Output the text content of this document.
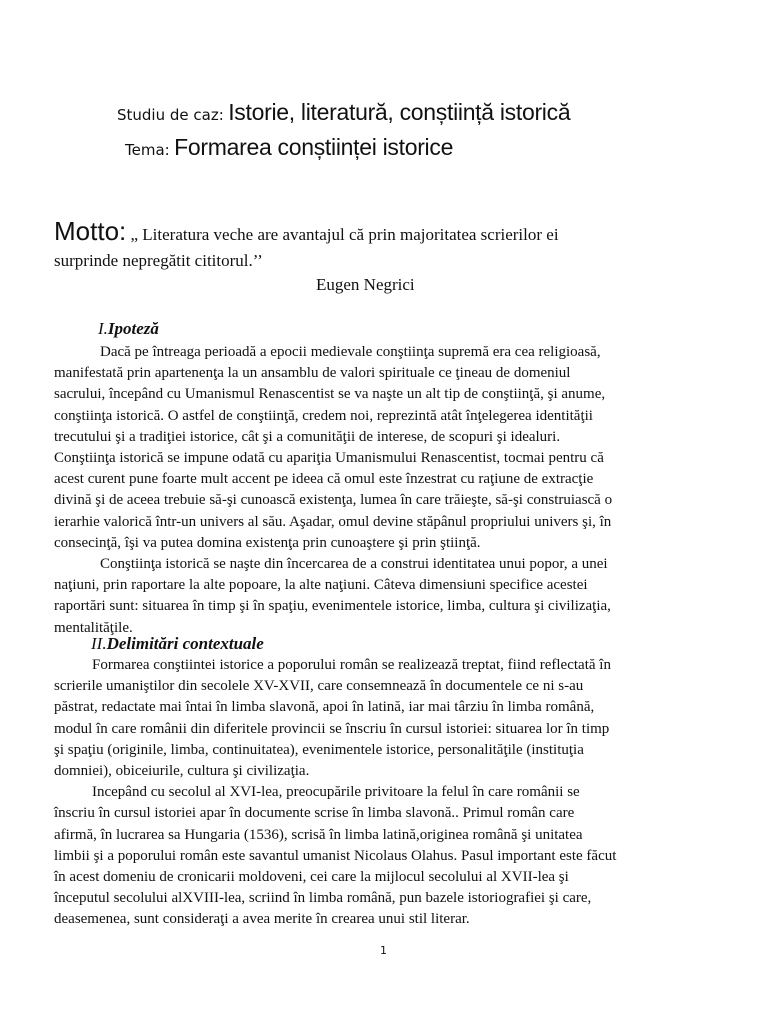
Studiu de caz: Istorie, literatură, conștiință istorică
Tema: Formarea conștiinței istorice
Motto: „ Literatura veche are avantajul că prin majoritatea scrierilor ei
surprinde nepregătit cititorul.’’
Eugen Negrici
I.Ipoteză
Dacă pe întreaga perioadă a epocii medievale conştiinţa supremă era cea religioasă,
manifestată prin apartenenţa la un ansamblu de valori spirituale ce ţineau de domeniul
sacrului, începând cu Umanismul Renascentist se va naşte un alt tip de conştiinţă, şi anume,
conştiinţa istorică. O astfel de conştiinţă, credem noi, reprezintă atât înţelegerea identităţii
trecutului şi a tradiţiei istorice, cât şi a comunităţii de interese, de scopuri şi idealuri.
Conştiinţa istorică se impune odată cu apariţia Umanismului Renascentist, tocmai pentru că
acest curent pune foarte mult accent pe ideea că omul este înzestrat cu raţiune de extracţie
divină şi de aceea trebuie să-şi cunoască existenţa, lumea în care trăieşte, să-şi construiască o
ierarhie valorică într-un univers al său. Aşadar, omul devine stăpânul propriului univers şi, în
consecinţă, îşi va putea domina existenţa prin cunoaştere şi prin ştiinţă.
Conştiinţa istorică se naşte din încercarea de a construi identitatea unui popor, a unei
naţiuni, prin raportare la alte popoare, la alte naţiuni. Câteva dimensiuni specifice acestei
raportări sunt: situarea în timp şi în spaţiu, evenimentele istorice, limba, cultura şi civilizaţia,
mentalităţile.
II.Delimitări contextuale
Formarea conştiintei istorice a poporului român se realizează treptat, fiind reflectată în
scrierile umaniştilor din secolele XV-XVII, care consemnează în documentele ce ni s-au
păstrat, redactate mai întai în limba slavonă, apoi în latină, iar mai târziu în limba română,
modul în care românii din diferitele provincii se înscriu în cursul istoriei: situarea lor în timp
şi spaţiu (originile, limba, continuitatea), evenimentele istorice, personalităţile (instituţia
domniei), obiceiurile, cultura şi civilizaţia.
Incepând cu secolul al XVI-lea, preocupările privitoare la felul în care românii se
înscriu în cursul istoriei apar în documente scrise în limba slavonă.. Primul român care
afirmă, în lucrarea sa Hungaria (1536), scrisă în limba latină,originea română şi unitatea
limbii şi a poporului român este savantul umanist Nicolaus Olahus. Pasul important este făcut
în acest domeniu de cronicarii moldoveni, cei care la mijlocul secolului al XVII-lea şi
începutul secolului alXVIII-lea, scriind în limba română, pun bazele istoriografiei şi care,
deasemenea, sunt consideraţi a avea merite în crearea unui stil literar.
1
